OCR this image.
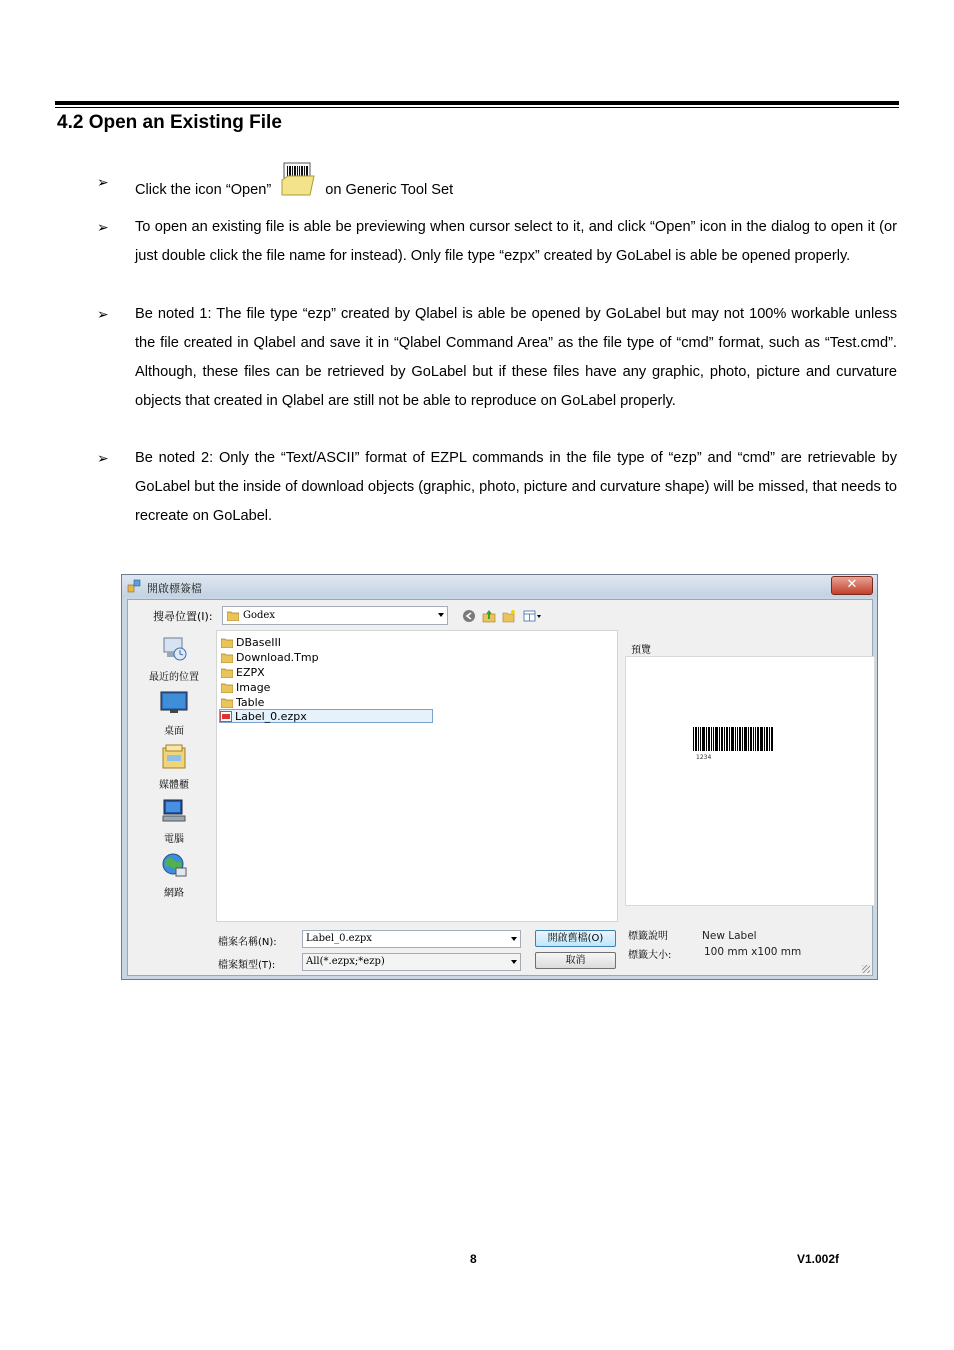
4.2 Open an Existing File
➢ Click the icon “Open”	on Generic Tool Set
➢ To open an existing file is able be previewing when cursor select to it, and click “Open” icon in the dialog to open it (or just double click the file name for instead). Only file type “ezpx” created by GoLabel is able be opened properly.
➢ Be noted 1: The file type “ezp” created by Qlabel is able be opened by GoLabel but may not 100% workable unless the file created in Qlabel and save it in “Qlabel Command Area” as the file type of “cmd” format, such as “Test.cmd”. Although, these files can be retrieved by GoLabel but if these files have any graphic, photo, picture and curvature objects that created in Qlabel are still not be able to reproduce on GoLabel properly.
➢ Be noted 2: Only the “Text/ASCII” format of EZPL commands in the file type of “ezp” and “cmd” are retrievable by GoLabel but the inside of download objects (graphic, photo, picture and curvature shape) will be missed, that needs to recreate on GoLabel.
開啟標簽檔	✕
搜尋位置(I):	Godex
最近的位置
桌面
媒體櫃
電腦
網路
DBaseIII
Download.Tmp
EZPX
Image
Table
Label_0.ezpx
預覽
1234
檔案名稱(N):	Label_0.ezpx
檔案類型(T):	All(*.ezpx;*ezp)
開啟舊檔(O)
取消
標籤說明	New Label
標籤大小:	100 mm x100 mm
8	V1.002f
